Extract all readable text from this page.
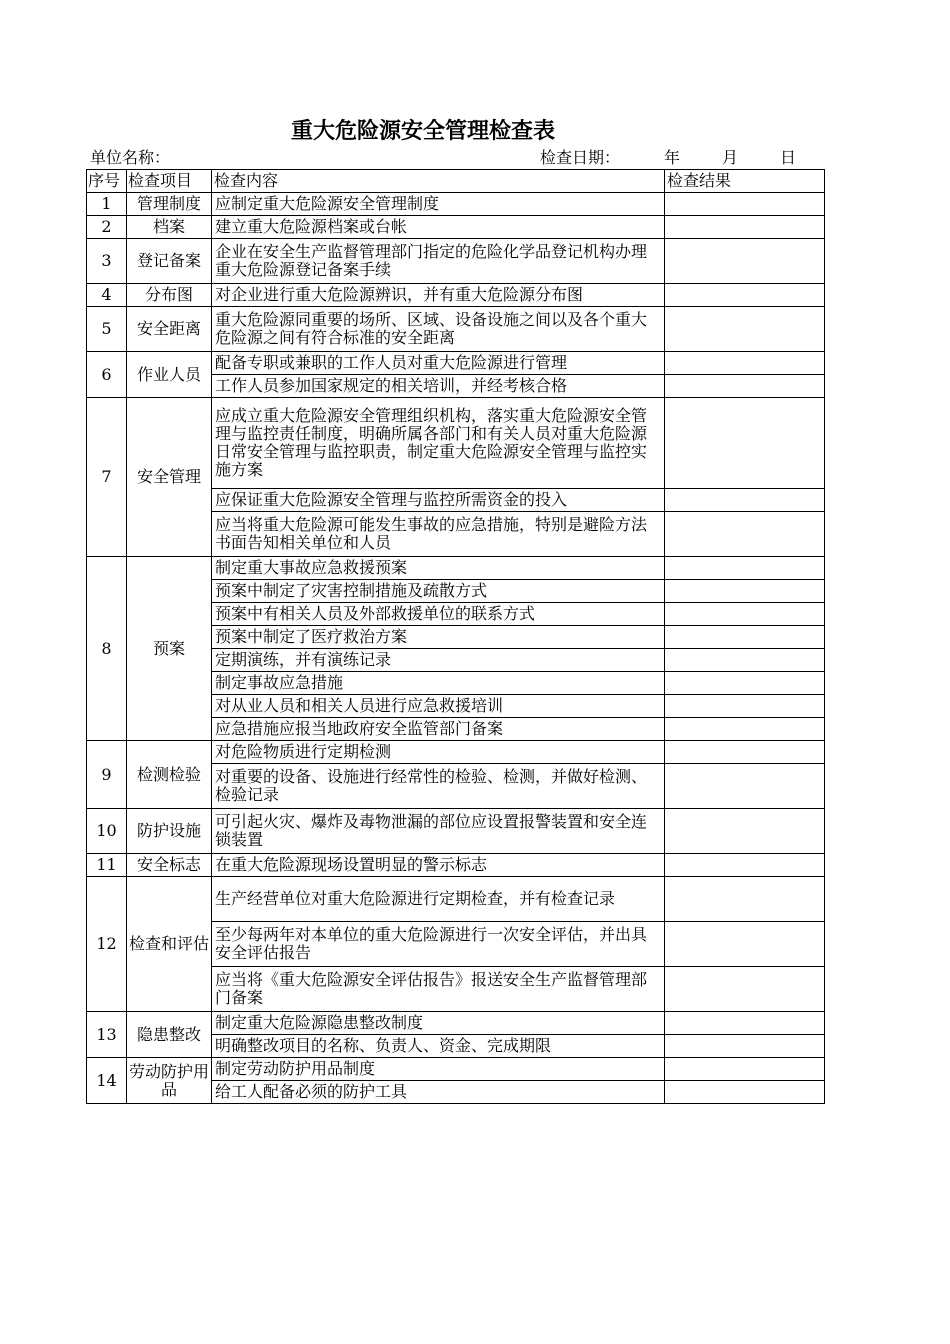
重大危险源安全管理检查表
单位名称：	检查日期：	年	月	日
序号	检查项目	检查内容	检查结果
1	管理制度	应制定重大危险源安全管理制度	
2	档案	建立重大危险源档案或台帐	
3	登记备案	企业在安全生产监督管理部门指定的危险化学品登记机构办理重大危险源登记备案手续	
4	分布图	对企业进行重大危险源辨识，并有重大危险源分布图	
5	安全距离	重大危险源同重要的场所、区域、设备设施之间以及各个重大危险源之间有符合标准的安全距离	
6	作业人员	配备专职或兼职的工作人员对重大危险源进行管理	
		工作人员参加国家规定的相关培训，并经考核合格	
7	安全管理	应成立重大危险源安全管理组织机构，落实重大危险源安全管理与监控责任制度，明确所属各部门和有关人员对重大危险源日常安全管理与监控职责，制定重大危险源安全管理与监控实施方案	
		应保证重大危险源安全管理与监控所需资金的投入	
		应当将重大危险源可能发生事故的应急措施，特别是避险方法书面告知相关单位和人员	
8	预案	制定重大事故应急救援预案	
		预案中制定了灾害控制措施及疏散方式	
		预案中有相关人员及外部救援单位的联系方式	
		预案中制定了医疗救治方案	
		定期演练，并有演练记录	
		制定事故应急措施	
		对从业人员和相关人员进行应急救援培训	
		应急措施应报当地政府安全监管部门备案	
9	检测检验	对危险物质进行定期检测	
		对重要的设备、设施进行经常性的检验、检测，并做好检测、检验记录	
10	防护设施	可引起火灾、爆炸及毒物泄漏的部位应设置报警装置和安全连锁装置	
11	安全标志	在重大危险源现场设置明显的警示标志	
12	检查和评估	生产经营单位对重大危险源进行定期检查，并有检查记录	
		至少每两年对本单位的重大危险源进行一次安全评估，并出具安全评估报告	
		应当将《重大危险源安全评估报告》报送安全生产监督管理部门备案	
13	隐患整改	制定重大危险源隐患整改制度	
		明确整改项目的名称、负责人、资金、完成期限	
14	劳动防护用品	制定劳动防护用品制度	
		给工人配备必须的防护工具	
